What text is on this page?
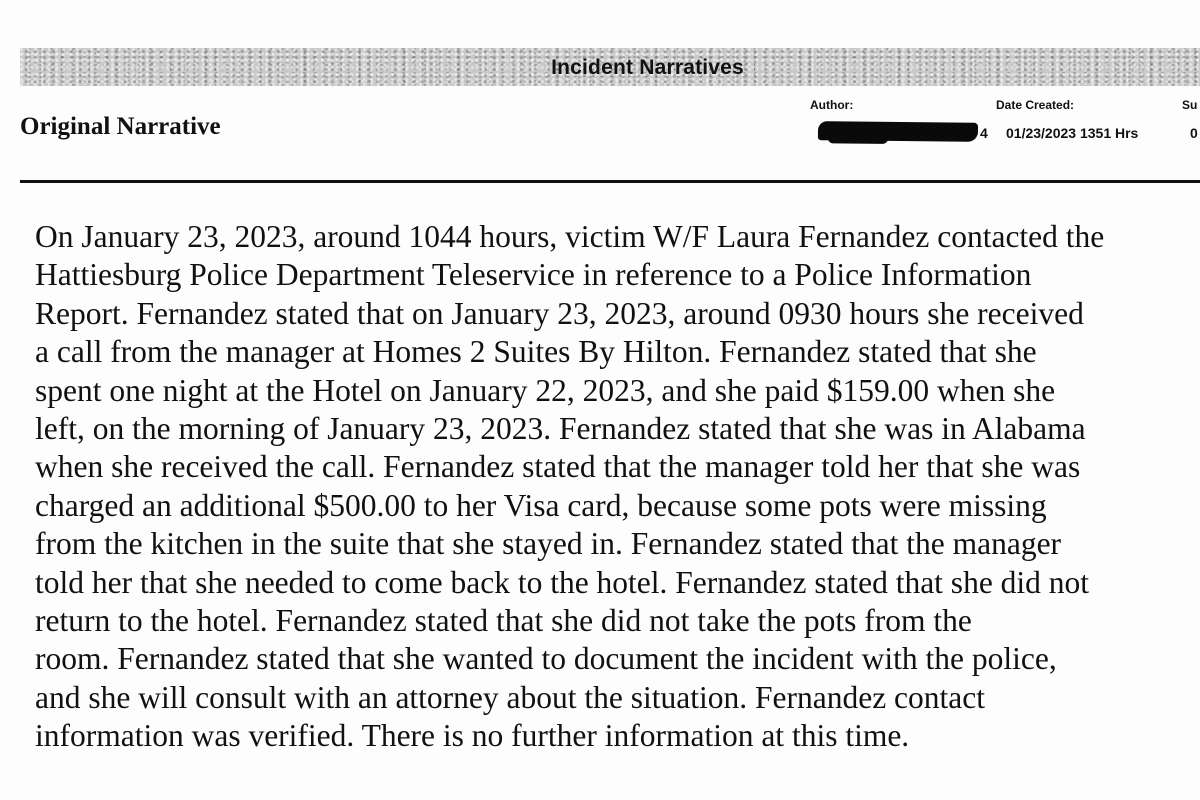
Incident Narratives
Original Narrative
Author:
4
Date Created:
01/23/2023 1351 Hrs
Su
0
On January 23, 2023, around 1044 hours, victim W/F Laura Fernandez contacted the
Hattiesburg Police Department Teleservice in reference to a Police Information
Report. Fernandez stated that on January 23, 2023, around 0930 hours she received
a call from the manager at Homes 2 Suites By Hilton. Fernandez stated that she
spent one night at the Hotel on January 22, 2023, and she paid $159.00 when she
left, on the morning of January 23, 2023. Fernandez stated that she was in Alabama
when she received the call. Fernandez stated that the manager told her that she was
charged an additional $500.00 to her Visa card, because some pots were missing
from the kitchen in the suite that she stayed in. Fernandez stated that the manager
told her that she needed to come back to the hotel. Fernandez stated that she did not
return to the hotel. Fernandez stated that she did not take the pots from the
room. Fernandez stated that she wanted to document the incident with the police,
and she will consult with an attorney about the situation. Fernandez contact
information was verified. There is no further information at this time.
